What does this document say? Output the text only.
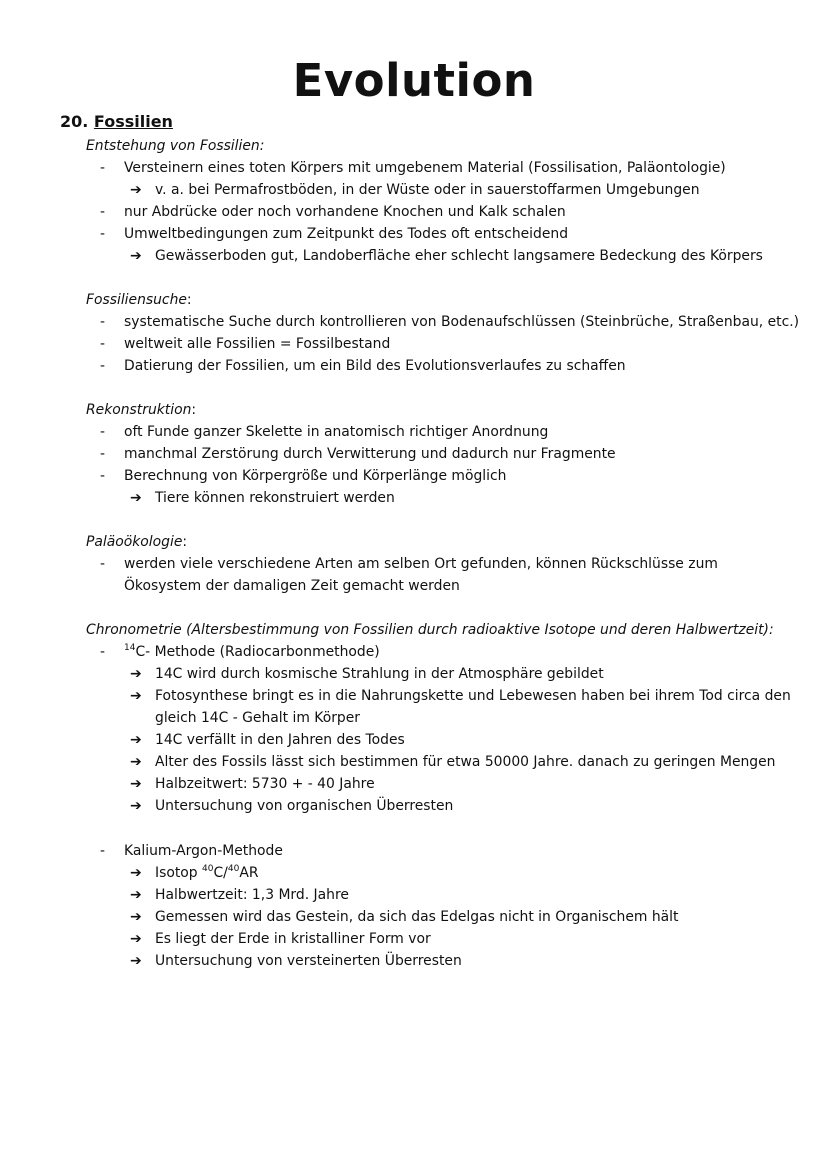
Evolution
20. Fossilien
Entstehung von Fossilien:
- Versteinern eines toten Körpers mit umgebenem Material (Fossilisation, Paläontologie)
➔ v. a. bei Permafrostböden, in der Wüste oder in sauerstoffarmen Umgebungen
- nur Abdrücke oder noch vorhandene Knochen und Kalk schalen
- Umweltbedingungen zum Zeitpunkt des Todes oft entscheidend
➔ Gewässerboden gut, Landoberfläche eher schlecht langsamere Bedeckung des Körpers
Fossiliensuche:
- systematische Suche durch kontrollieren von Bodenaufschlüssen (Steinbrüche, Straßenbau, etc.)
- weltweit alle Fossilien = Fossilbestand
- Datierung der Fossilien, um ein Bild des Evolutionsverlaufes zu schaffen
Rekonstruktion:
- oft Funde ganzer Skelette in anatomisch richtiger Anordnung
- manchmal Zerstörung durch Verwitterung und dadurch nur Fragmente
- Berechnung von Körpergröße und Körperlänge möglich
➔ Tiere können rekonstruiert werden
Paläoökologie:
- werden viele verschiedene Arten am selben Ort gefunden, können Rückschlüsse zum
Ökosystem der damaligen Zeit gemacht werden
Chronometrie (Altersbestimmung von Fossilien durch radioaktive Isotope und deren Halbwertzeit):
- $^{14}$C- Methode (Radiocarbonmethode)
➔ 14C wird durch kosmische Strahlung in der Atmosphäre gebildet
➔ Fotosynthese bringt es in die Nahrungskette und Lebewesen haben bei ihrem Tod circa den
gleich 14C - Gehalt im Körper
➔ 14C verfällt in den Jahren des Todes
➔ Alter des Fossils lässt sich bestimmen für etwa 50000 Jahre. danach zu geringen Mengen
➔ Halbzeitwert: 5730 + - 40 Jahre
➔ Untersuchung von organischen Überresten
- Kalium-Argon-Methode
➔ Isotop $^{40}$C/$^{40}$AR
➔ Halbwertzeit: 1,3 Mrd. Jahre
➔ Gemessen wird das Gestein, da sich das Edelgas nicht in Organischem hält
➔ Es liegt der Erde in kristalliner Form vor
➔ Untersuchung von versteinerten Überresten
